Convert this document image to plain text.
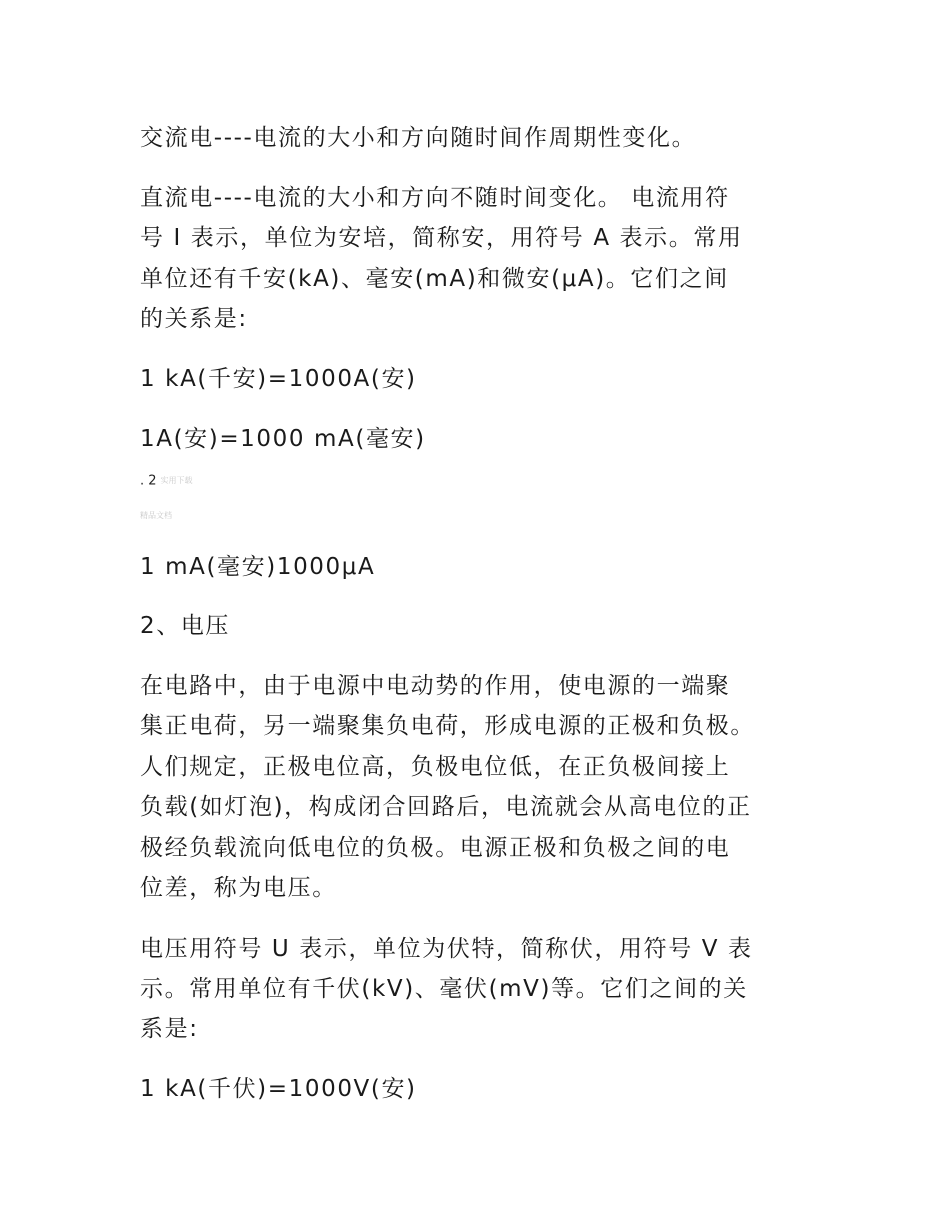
交流电----电流的大小和方向随时间作周期性变化。

直流电----电流的大小和方向不随时间变化。 电流用符

号 I 表示，单位为安培，简称安，用符号 A 表示。常用

单位还有千安(kA)、毫安(mA)和微安(μA)。它们之间

的关系是:

1 kA(千安)=1000A(安)

1A(安)=1000 mA(毫安)

. 2 实用下载
精品文档

1 mA(毫安)1000μA

2、电压

在电路中，由于电源中电动势的作用，使电源的一端聚

集正电荷，另一端聚集负电荷，形成电源的正极和负极。

人们规定，正极电位高，负极电位低，在正负极间接上

负载(如灯泡)，构成闭合回路后，电流就会从高电位的正

极经负载流向低电位的负极。电源正极和负极之间的电

位差，称为电压。

电压用符号 U 表示，单位为伏特，简称伏，用符号 V 表

示。常用单位有千伏(kV)、毫伏(mV)等。它们之间的关

系是:

1 kA(千伏)=1000V(安)
